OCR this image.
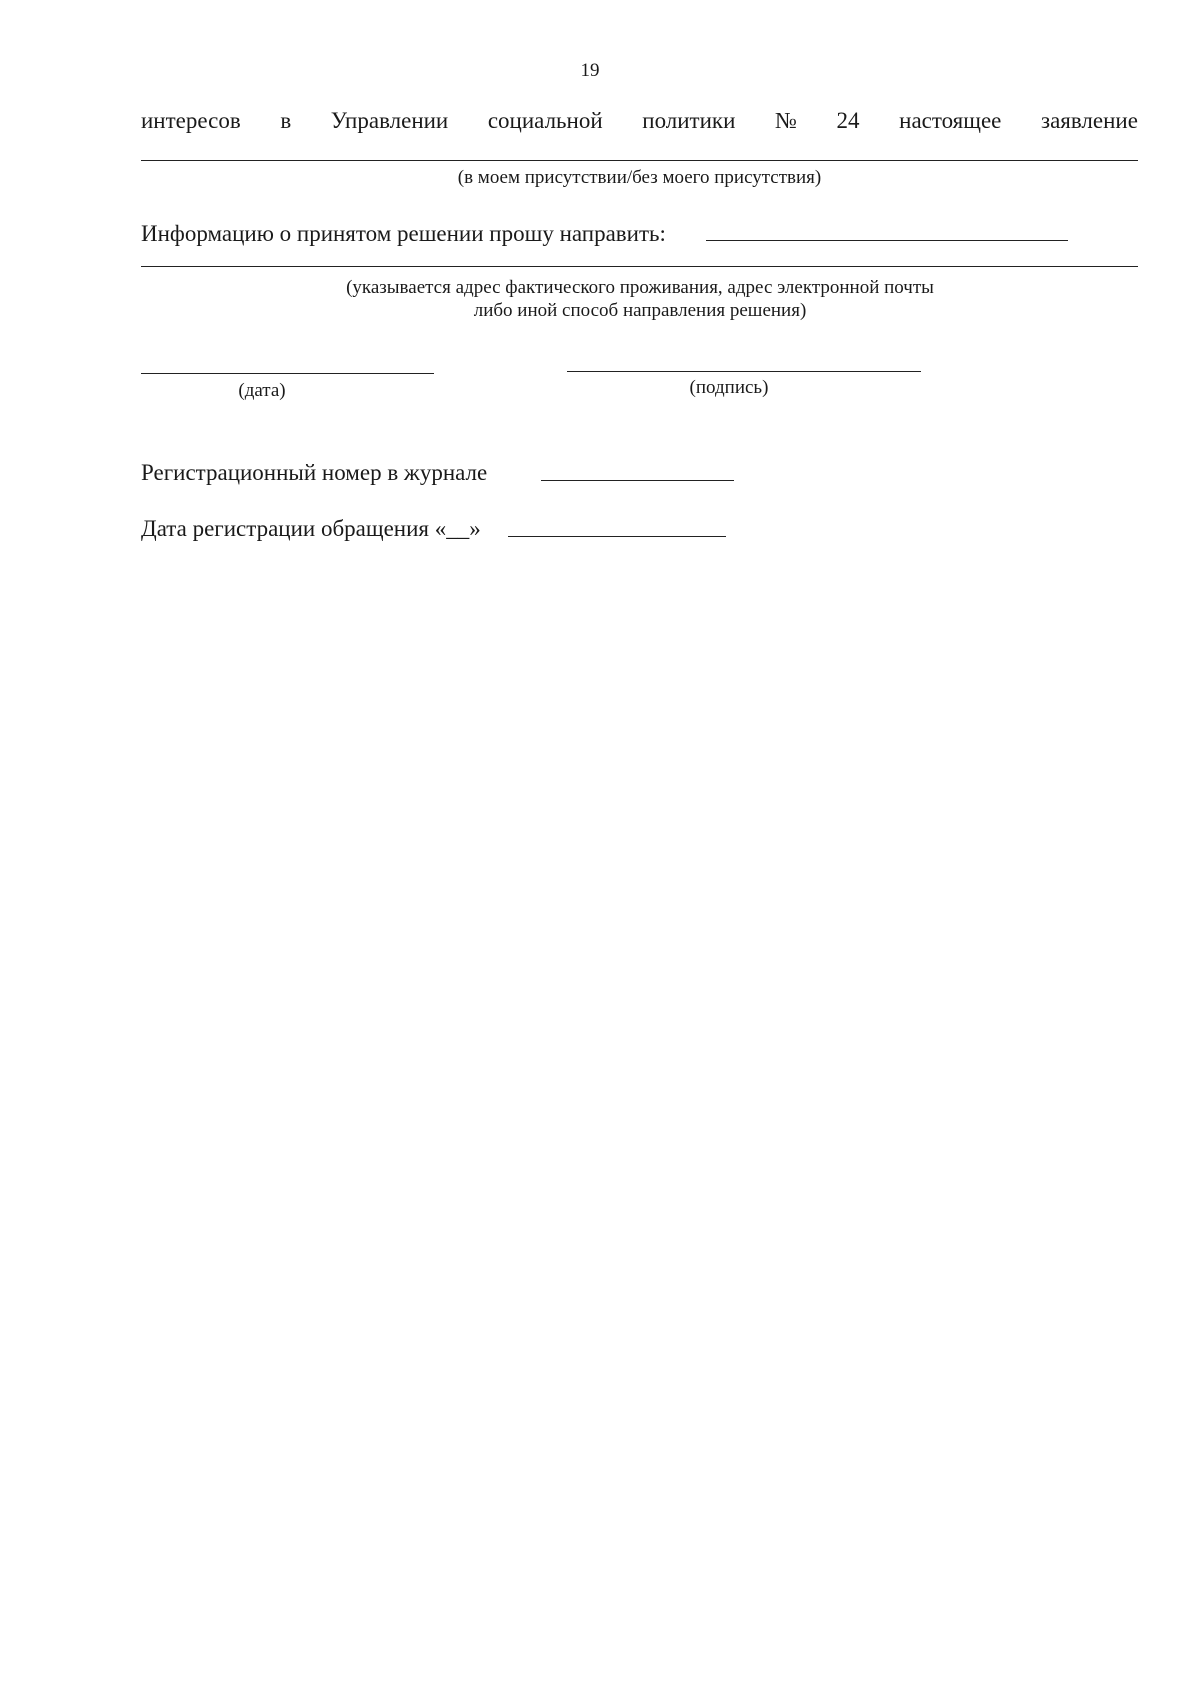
19
интересов в Управлении социальной политики № 24 настоящее заявление
(в моем присутствии/без моего присутствия)
Информацию о принятом решении прошу направить:
(указывается адрес фактического проживания, адрес электронной почты
либо иной способ направления решения)
(дата)	(подпись)
Регистрационный номер в журнале
Дата регистрации обращения «__»
